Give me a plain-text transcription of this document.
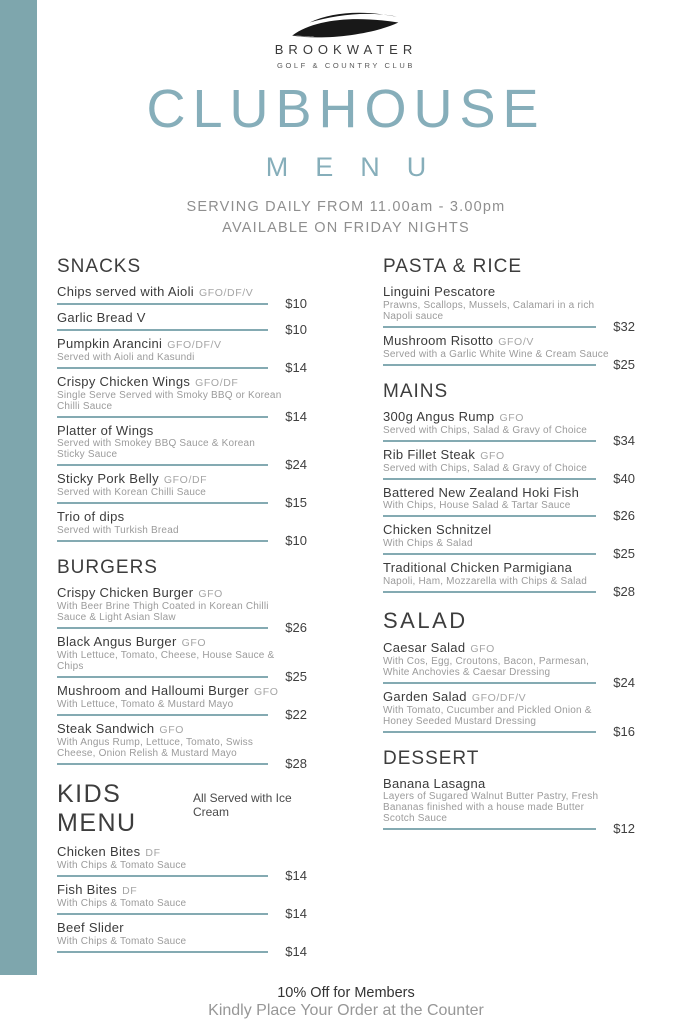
BROOKWATER
GOLF & COUNTRY CLUB
CLUBHOUSE
MENU
SERVING DAILY FROM 11.00am - 3.00pm
AVAILABLE ON FRIDAY NIGHTS
SNACKS
Chips served with Aioli GFO/DF/V
$10
Garlic Bread V
$10
Pumpkin Arancini GFO/DF/V
Served with Aioli and Kasundi
$14
Crispy Chicken Wings GFO/DF
Single Serve Served with Smoky BBQ or Korean Chilli Sauce
$14
Platter of Wings
Served with Smokey BBQ Sauce & Korean Sticky Sauce
$24
Sticky Pork Belly GFO/DF
Served with Korean Chilli Sauce
$15
Trio of dips
Served with Turkish Bread
$10
BURGERS
Crispy Chicken Burger GFO
With Beer Brine Thigh Coated in Korean Chilli Sauce & Light Asian Slaw
$26
Black Angus Burger GFO
With Lettuce, Tomato, Cheese, House Sauce & Chips
$25
Mushroom and Halloumi Burger GFO
With Lettuce, Tomato & Mustard Mayo
$22
Steak Sandwich GFO
With Angus Rump, Lettuce, Tomato, Swiss Cheese, Onion Relish & Mustard Mayo
$28
KIDS MENU
All Served with Ice Cream
Chicken Bites DF
With Chips & Tomato Sauce
$14
Fish Bites DF
With Chips & Tomato Sauce
$14
Beef Slider
With Chips & Tomato Sauce
$14
PASTA & RICE
Linguini Pescatore
Prawns, Scallops, Mussels, Calamari in a rich Napoli sauce
$32
Mushroom Risotto GFO/V
Served with a Garlic White Wine & Cream Sauce
$25
MAINS
300g Angus Rump GFO
Served with Chips, Salad & Gravy of Choice
$34
Rib Fillet Steak GFO
Served with Chips, Salad & Gravy of Choice
$40
Battered New Zealand Hoki Fish
With Chips, House Salad & Tartar Sauce
$26
Chicken Schnitzel
With Chips & Salad
$25
Traditional Chicken Parmigiana
Napoli, Ham, Mozzarella with Chips & Salad
$28
SALAD
Caesar Salad GFO
With Cos, Egg, Croutons, Bacon, Parmesan, White Anchovies & Caesar Dressing
$24
Garden Salad GFO/DF/V
With Tomato, Cucumber and Pickled Onion & Honey Seeded Mustard Dressing
$16
DESSERT
Banana Lasagna
Layers of Sugared Walnut Butter Pastry, Fresh Bananas finished with a house made Butter Scotch Sauce
$12
10% Off for Members
Kindly Place Your Order at the Counter
